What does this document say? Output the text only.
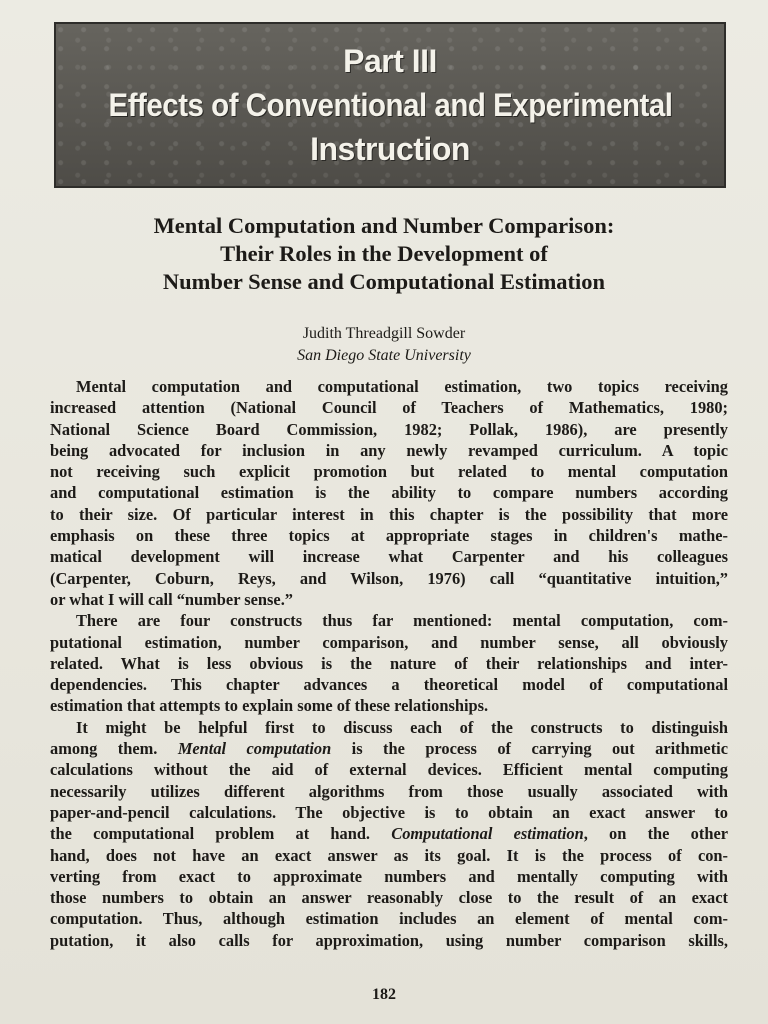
Part III
Effects of Conventional and Experimental
Instruction
Mental Computation and Number Comparison:
Their Roles in the Development of
Number Sense and Computational Estimation
Judith Threadgill Sowder
San Diego State University
Mental computation and computational estimation, two topics receiving
increased attention (National Council of Teachers of Mathematics, 1980;
National Science Board Commission, 1982; Pollak, 1986), are presently
being advocated for inclusion in any newly revamped curriculum. A topic
not receiving such explicit promotion but related to mental computation
and computational estimation is the ability to compare numbers according
to their size. Of particular interest in this chapter is the possibility that more
emphasis on these three topics at appropriate stages in children's mathe-
matical development will increase what Carpenter and his colleagues
(Carpenter, Coburn, Reys, and Wilson, 1976) call “quantitative intuition,”
or what I will call “number sense.”
There are four constructs thus far mentioned: mental computation, com-
putational estimation, number comparison, and number sense, all obviously
related. What is less obvious is the nature of their relationships and inter-
dependencies. This chapter advances a theoretical model of computational
estimation that attempts to explain some of these relationships.
It might be helpful first to discuss each of the constructs to distinguish
among them. Mental computation is the process of carrying out arithmetic
calculations without the aid of external devices. Efficient mental computing
necessarily utilizes different algorithms from those usually associated with
paper-and-pencil calculations. The objective is to obtain an exact answer to
the computational problem at hand. Computational estimation, on the other
hand, does not have an exact answer as its goal. It is the process of con-
verting from exact to approximate numbers and mentally computing with
those numbers to obtain an answer reasonably close to the result of an exact
computation. Thus, although estimation includes an element of mental com-
putation, it also calls for approximation, using number comparison skills,
182
